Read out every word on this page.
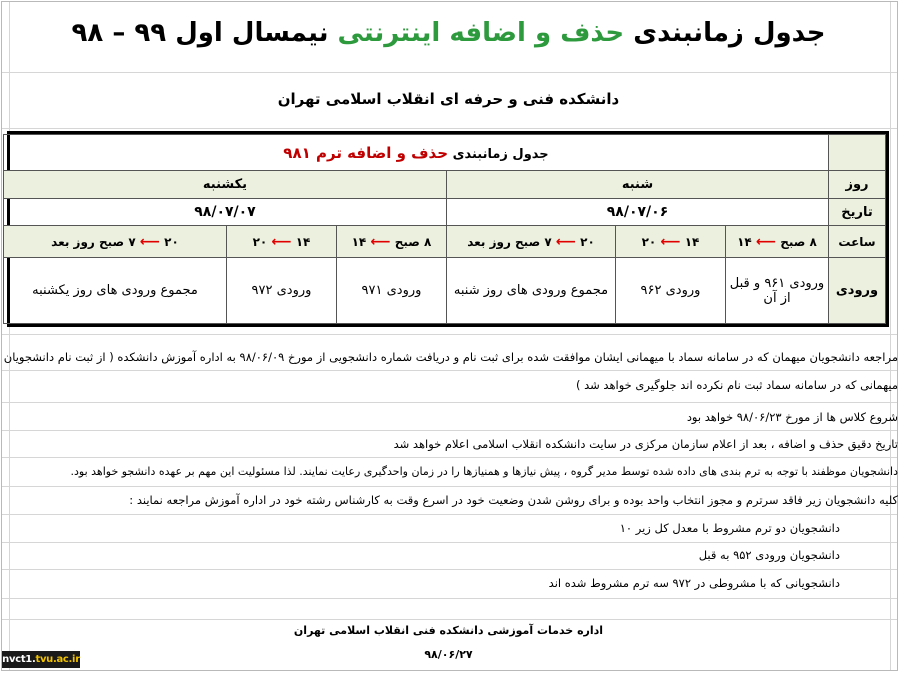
جدول زمانبندی حذف و اضافه اینترنتی نیمسال اول ۹۹ – ۹۸
دانشکده فنی و حرفه ای انقلاب اسلامی تهران
	جدول زمانبندی حذف و اضافه ترم ۹۸۱					
روز	شنبه			یکشنبه		
تاریخ	۹۸/۰۷/۰۶			۹۸/۰۷/۰۷		
ساعت	۸ صبح ⟵ ۱۴	۱۴ ⟵ ۲۰	۲۰ ⟵ ۷ صبح روز بعد	۸ صبح ⟵ ۱۴	۱۴ ⟵ ۲۰	۲۰ ⟵ ۷ صبح روز بعد
ورودی	ورودی ۹۶۱ و قبل از آن	ورودی ۹۶۲	مجموع ورودی های روز شنبه	ورودی ۹۷۱	ورودی ۹۷۲	مجموع ورودی های روز یکشنبه
مراجعه دانشجویان میهمان که در سامانه سماد با میهمانی ایشان موافقت شده برای ثبت نام و دریافت شماره دانشجویی از مورخ ۹۸/۰۶/۰۹ به اداره آموزش دانشکده ( از ثبت نام دانشجویان
میهمانی که در سامانه سماد ثبت نام نکرده اند جلوگیری خواهد شد )
شروع کلاس ها از مورخ ۹۸/۰۶/۲۳ خواهد بود
تاریخ دقیق حذف و اضافه ، بعد از اعلام سازمان مرکزی در سایت دانشکده انقلاب اسلامی اعلام خواهد شد
دانشجویان موظفند با توجه به ترم بندی های داده شده توسط مدیر گروه ، پیش نیازها و همنیازها را در زمان واحدگیری رعایت نمایند. لذا مسئولیت این مهم بر عهده دانشجو خواهد بود.
کلیه دانشجویان زیر فاقد سرترم و مجوز انتخاب واحد بوده و برای روشن شدن وضعیت خود در اسرع وقت به کارشناس رشته خود در اداره آموزش مراجعه نمایند :
دانشجویان دو ترم مشروط با معدل کل زیر ۱۰
دانشجویان ورودی ۹۵۲ به قبل
دانشجویانی که با مشروطی در ۹۷۲ سه ترم مشروط شده اند
اداره خدمات آموزشی دانشکده فنی انقلاب اسلامی تهران
۹۸/۰۶/۲۷
nvct1. tvu.ac.ir
